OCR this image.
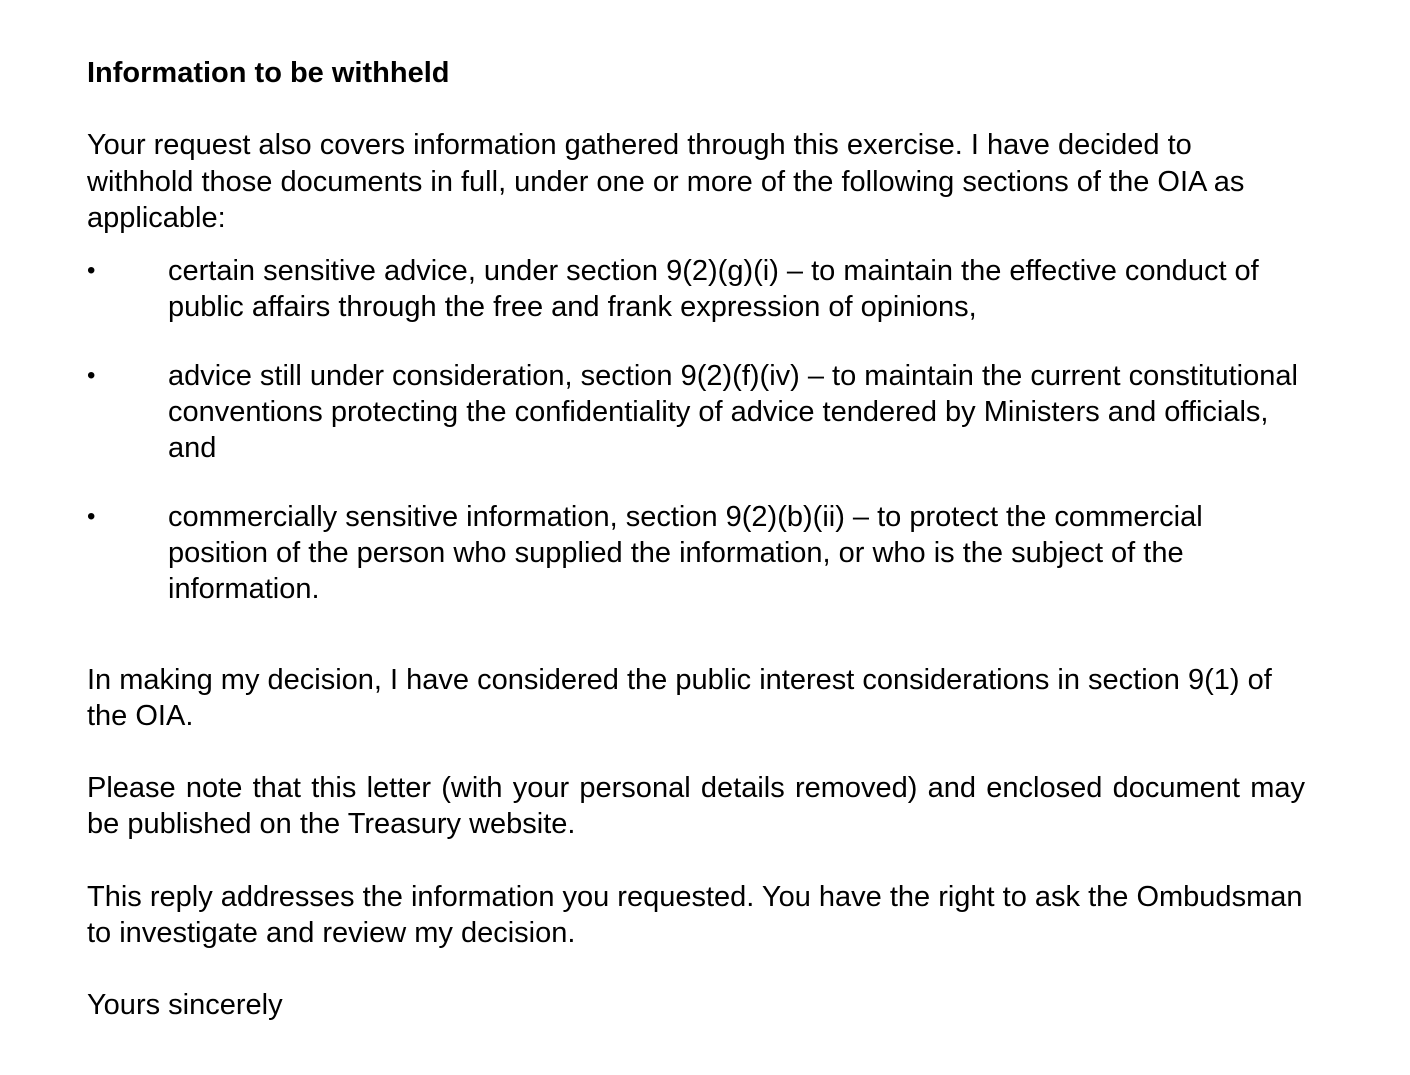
Information to be withheld

Your request also covers information gathered through this exercise. I have decided to withhold those documents in full, under one or more of the following sections of the OIA as applicable:

•	certain sensitive advice, under section 9(2)(g)(i) – to maintain the effective conduct of public affairs through the free and frank expression of opinions,
•	advice still under consideration, section 9(2)(f)(iv) – to maintain the current constitutional conventions protecting the confidentiality of advice tendered by Ministers and officials, and
•	commercially sensitive information, section 9(2)(b)(ii) – to protect the commercial position of the person who supplied the information, or who is the subject of the information.

In making my decision, I have considered the public interest considerations in section 9(1) of the OIA.

Please note that this letter (with your personal details removed) and enclosed document may be published on the Treasury website.

This reply addresses the information you requested. You have the right to ask the Ombudsman to investigate and review my decision.

Yours sincerely
